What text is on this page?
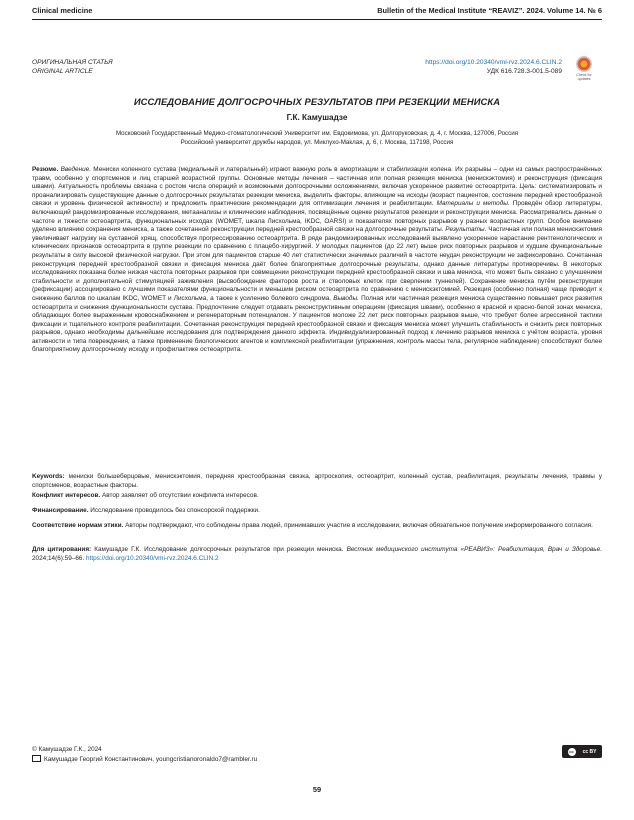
Clinical medicine	Bulletin of the Medical Institute “REAVIZ”. 2024. Volume 14. № 6
ОРИГИНАЛЬНАЯ СТАТЬЯ
ORIGINAL ARTICLE
https://doi.org/10.20340/vmi-rvz.2024.6.CLIN.2
УДК 616.728.3-001.5-089	Check for updates
ИССЛЕДОВАНИЕ ДОЛГОСРОЧНЫХ РЕЗУЛЬТАТОВ ПРИ РЕЗЕКЦИИ МЕНИСКА
Г.К. Камушадзе
Московский Государственный Медико-стоматологический Университет им. Евдокимова, ул. Долгоруковская, д. 4, г. Москва, 127006, Россия
Российский университет дружбы народов, ул. Миклухо-Маклая, д. 6, г. Москва, 117198, Россия
Резюме. Введение. Мениски коленного сустава (медиальный и латеральный) играют важную роль в амортизации и стабилизации колена. Их разрывы – одни из самых распространённых травм, особенно у спортсменов и лиц старшей возрастной группы. Основные методы лечения – частичная или полная резекция мениска (менискэктомия) и реконструкция (фиксация швами). Актуальность проблемы связана с ростом числа операций и возможными долгосрочными осложнениями, включая ускоренное развитие остеоартрита. Цель: систематизировать и проанализировать существующие данные о долгосрочных результатах резекции мениска, выделить факторы, влияющие на исходы (возраст пациентов, состояние передней крестообразной связки и уровень физической активности) и предложить практические рекомендации для оптимизации лечения и реабилитации. Материалы и методы. Проведён обзор литературы, включающий рандомизированные исследования, метаанализы и клинические наблюдения, посвящённые оценке результатов резекции и реконструкции мениска. Рассматривались данные о частоте и тяжести остеоартрита, функциональных исходах (WOMET, шкала Лисхольма, IKDC, OARSI) и показателях повторных разрывов у разных возрастных групп. Особое внимание уделено влиянию сохранения мениска, а также сочетанной реконструкции передней крестообразной связки на долгосрочные результаты. Результаты. Частичная или полная менискэктомия увеличивает нагрузку на суставной хрящ, способствуя прогрессированию остеоартрита. В ряде рандомизированных исследований выявлено ускоренное нарастание рентгенологических и клинических признаков остеоартрита в группе резекции по сравнению с плацебо-хирургией. У молодых пациентов (до 22 лет) выше риск повторных разрывов и худшие функциональные результаты в силу высокой физической нагрузки. При этом для пациентов старше 40 лет статистически значимых различий в частоте неудач реконструкции не зафиксировано. Сочетанная реконструкция передней крестообразной связки и фиксация мениска даёт более благоприятные долгосрочные результаты, однако данные литературы противоречивы. В некоторых исследованиях показана более низкая частота повторных разрывов при совмещении реконструкции передней крестообразной связки и шва мениска, что может быть связано с улучшением стабильности и дополнительной стимуляцией заживления (высвобождение факторов роста и стволовых клеток при сверлении туннелей). Сохранение мениска путём реконструкции (рефиксации) ассоциировано с лучшими показателями функциональности и меньшим риском остеоартрита по сравнению с менискэктомией. Резекция (особенно полная) чаще приводит к снижению баллов по шкалам IKDC, WOMET и Лисхольма, а также к усилению болевого синдрома. Выводы. Полная или частичная резекция мениска существенно повышает риск развития остеоартрита и снижения функциональности сустава. Предпочтение следует отдавать реконструктивным операциям (фиксация швами), особенно в красной и красно-белой зонах мениска, обладающих более выраженным кровоснабжением и регенераторным потенциалом. У пациентов моложе 22 лет риск повторных разрывов выше, что требует более агрессивной тактики фиксации и тщательного контроля реабилитации. Сочетанная реконструкция передней крестообразной связки и фиксация мениска может улучшить стабильность и снизить риск повторных разрывов, однако необходимы дальнейшие исследования для подтверждения данного эффекта. Индивидуализированный подход к лечению разрывов мениска с учётом возраста, уровня активности и типа повреждения, а также применение биологических агентов и комплексной реабилитации (упражнения, контроль массы тела, регулярное наблюдение) способствуют более благоприятному долгосрочному исходу и профилактике остеоартрита.
Keywords: мениски большеберцовые, менискэктомия, передняя крестообразная связка, артроскопия, остеоартрит, коленный сустав, реабилитация, результаты лечения, травмы у спортсменов, возрастные факторы.
Конфликт интересов. Автор заявляет об отсутствии конфликта интересов.
Финансирование. Исследование проводилось без спонсорской поддержки.
Соответствие нормам этики. Авторы подтверждают, что соблюдены права людей, принимавших участие в исследовании, включая обязательное получение информированного согласия.
Для цитирования: Камушадзе Г.К. Исследование долгосрочных результатов при резекции мениска. Вестник медицинского института «РЕАВИЗ»: Реабилитация, Врач и Здоровье. 2024;14(6):59–66. https://doi.org/10.20340/vmi-rvz.2024.6.CLIN.2
© Камушадзе Г.К., 2024
Камушадзе Георгий Константинович, youngcristianoronaldo7@rambler.ru
cc	cc BY
59
